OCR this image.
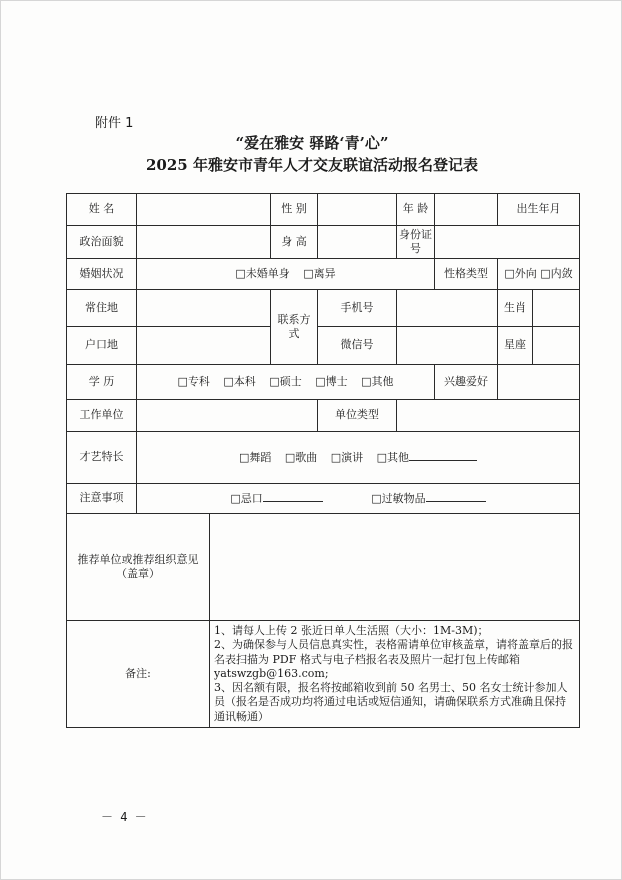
附件 1
“爱在雅安 驿路‘青’心”
2025 年雅安市青年人才交友联谊活动报名登记表
姓 名			性 别		年 龄		出生年月	
政治面貌			身 高		身份证号			
婚姻状况	□未婚单身 □离异					性格类型	□外向 □内敛	
常住地			联系方式	手机号			生肖	
户口地				微信号			星座	
学 历	□专科 □本科 □硕士 □博士 □其他					兴趣爱好		
工作单位				单位类型				
才艺特长	□舞蹈 □歌曲 □演讲 □其他							
注意事项	□忌口 □过敏物品							
推荐单位或推荐组织意见（盖章）								
备注:		1、请每人上传 2 张近日单人生活照（大小：1M-3M)；
2、为确保参与人员信息真实性，表格需请单位审核盖章，请将盖章后的报名表扫描为 PDF 格式与电子档报名表及照片一起打包上传邮箱 yatswzgb@163.com;
3、因名额有限，报名将按邮箱收到前 50 名男士、50 名女士统计参加人员（报名是否成功均将通过电话或短信通知，请确保联系方式准确且保持通讯畅通）						
－ 4 －
